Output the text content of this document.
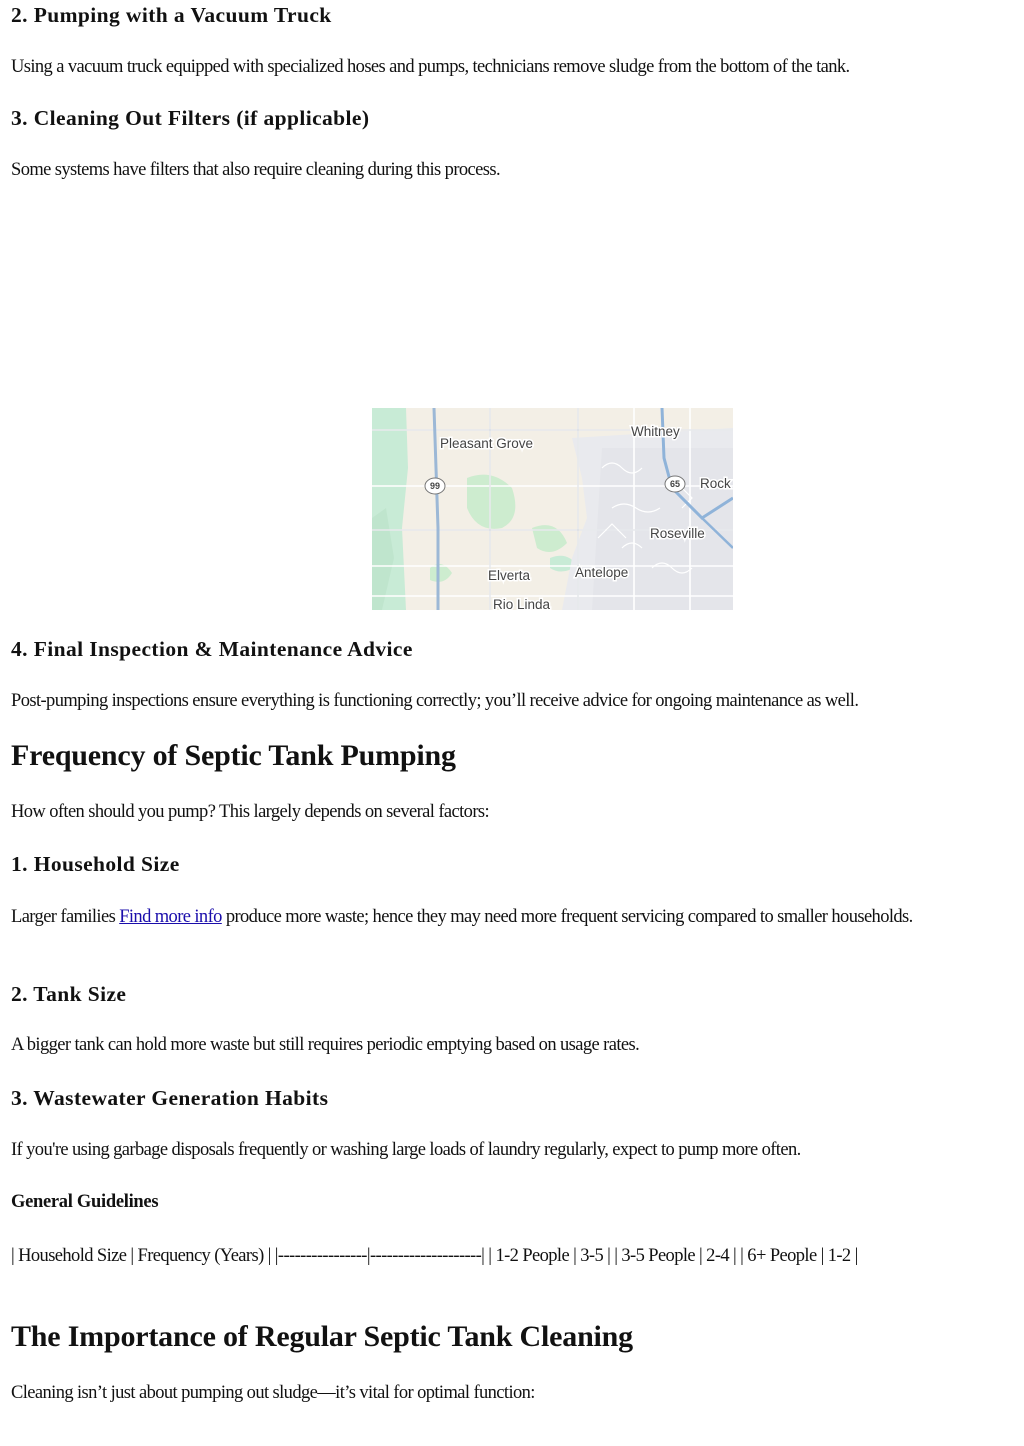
2. Pumping with a Vacuum Truck

Using a vacuum truck equipped with specialized hoses and pumps, technicians remove sludge from the bottom of the tank.

3. Cleaning Out Filters (if applicable)

Some systems have filters that also require cleaning during this process.

99	65
Pleasant Grove
Whitney
Rock
Roseville
Elverta	Antelope
Rio Linda
4. Final Inspection & Maintenance Advice

Post-pumping inspections ensure everything is functioning correctly; you’ll receive advice for ongoing maintenance as well.

Frequency of Septic Tank Pumping

How often should you pump? This largely depends on several factors:

1. Household Size

Larger families Find more info produce more waste; hence they may need more frequent servicing compared to smaller households.

2. Tank Size

A bigger tank can hold more waste but still requires periodic emptying based on usage rates.

3. Wastewater Generation Habits

If you're using garbage disposals frequently or washing large loads of laundry regularly, expect to pump more often.

General Guidelines

| Household Size | Frequency (Years) | |----------------|--------------------| | 1-2 People | 3-5 | | 3-5 People | 2-4 | | 6+ People | 1-2 |

The Importance of Regular Septic Tank Cleaning

Cleaning isn’t just about pumping out sludge—it’s vital for optimal function:
